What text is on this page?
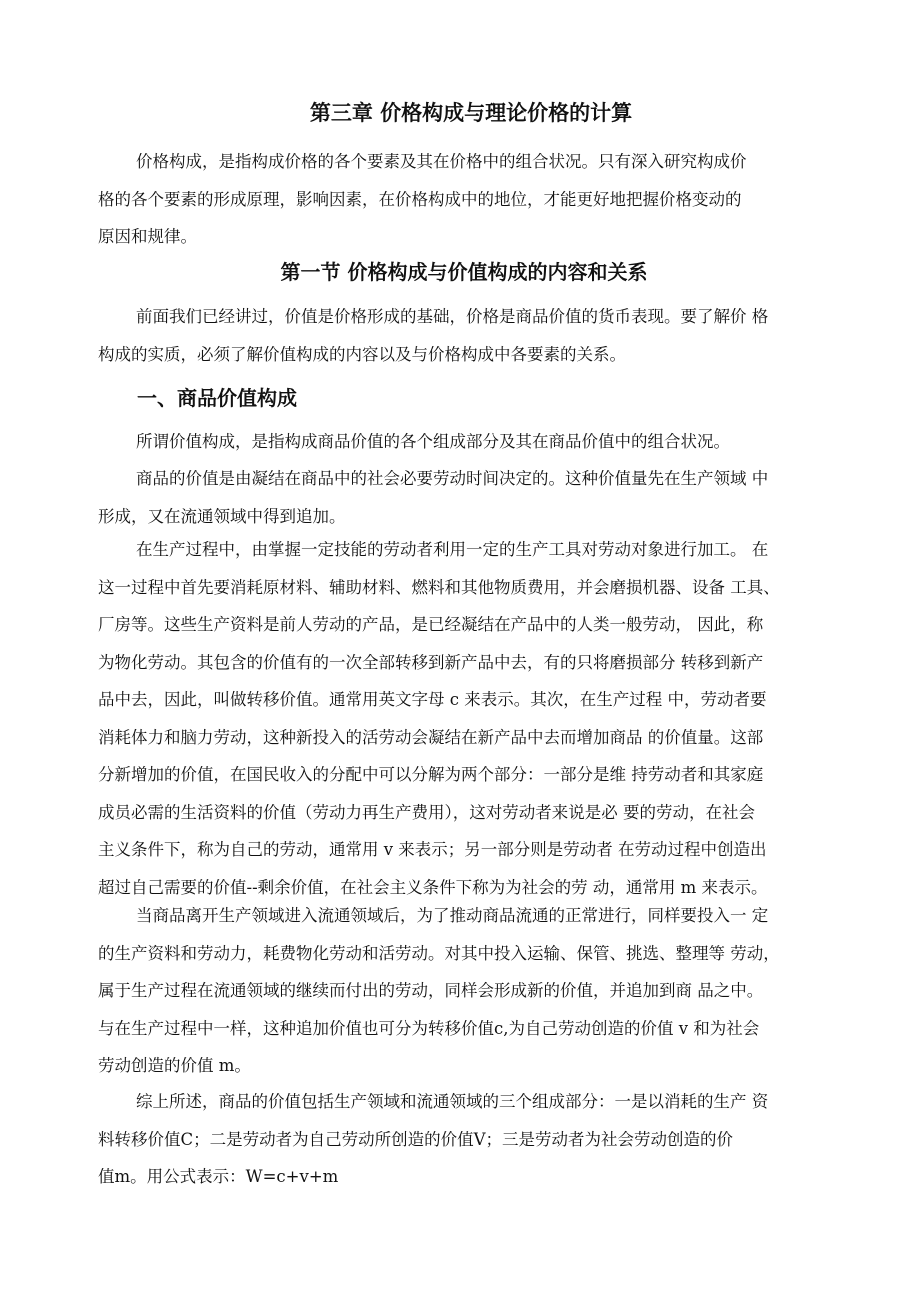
第三章 价格构成与理论价格的计算

价格构成，是指构成价格的各个要素及其在价格中的组合状况。只有深入研究构成价
格的各个要素的形成原理，影响因素，在价格构成中的地位，才能更好地把握价格变动的
原因和规律。

第一节 价格构成与价值构成的内容和关系

前面我们已经讲过，价值是价格形成的基础，价格是商品价值的货币表现。要了解价 格
构成的实质，必须了解价值构成的内容以及与价格构成中各要素的关系。

一、商品价值构成

所谓价值构成，是指构成商品价值的各个组成部分及其在商品价值中的组合状况。

商品的价值是由凝结在商品中的社会必要劳动时间决定的。这种价值量先在生产领域 中
形成，又在流通领域中得到追加。

在生产过程中，由掌握一定技能的劳动者利用一定的生产工具对劳动对象进行加工。 在
这一过程中首先要消耗原材料、辅助材料、燃料和其他物质费用，并会磨损机器、设备 工具、
厂房等。这些生产资料是前人劳动的产品，是已经凝结在产品中的人类一般劳动， 因此，称
为物化劳动。其包含的价值有的一次全部转移到新产品中去，有的只将磨损部分 转移到新产
品中去，因此，叫做转移价值。通常用英文字母 c 来表示。其次，在生产过程 中，劳动者要
消耗体力和脑力劳动，这种新投入的活劳动会凝结在新产品中去而增加商品 的价值量。这部
分新增加的价值，在国民收入的分配中可以分解为两个部分：一部分是维 持劳动者和其家庭
成员必需的生活资料的价值（劳动力再生产费用），这对劳动者来说是必 要的劳动，在社会
主义条件下，称为自己的劳动，通常用 v 来表示；另一部分则是劳动者 在劳动过程中创造出
超过自己需要的价值--剩余价值，在社会主义条件下称为为社会的劳 动，通常用 m 来表示。

当商品离开生产领域进入流通领域后，为了推动商品流通的正常进行，同样要投入一 定
的生产资料和劳动力，耗费物化劳动和活劳动。对其中投入运输、保管、挑选、整理等 劳动，
属于生产过程在流通领域的继续而付出的劳动，同样会形成新的价值，并追加到商 品之中。
与在生产过程中一样，这种追加价值也可分为转移价值c,为自己劳动创造的价值 v 和为社会
劳动创造的价值 m。

综上所述，商品的价值包括生产领域和流通领域的三个组成部分：一是以消耗的生产 资
料转移价值C；二是劳动者为自己劳动所创造的价值V；三是劳动者为社会劳动创造的价
值m。用公式表示：W=c+v+m
